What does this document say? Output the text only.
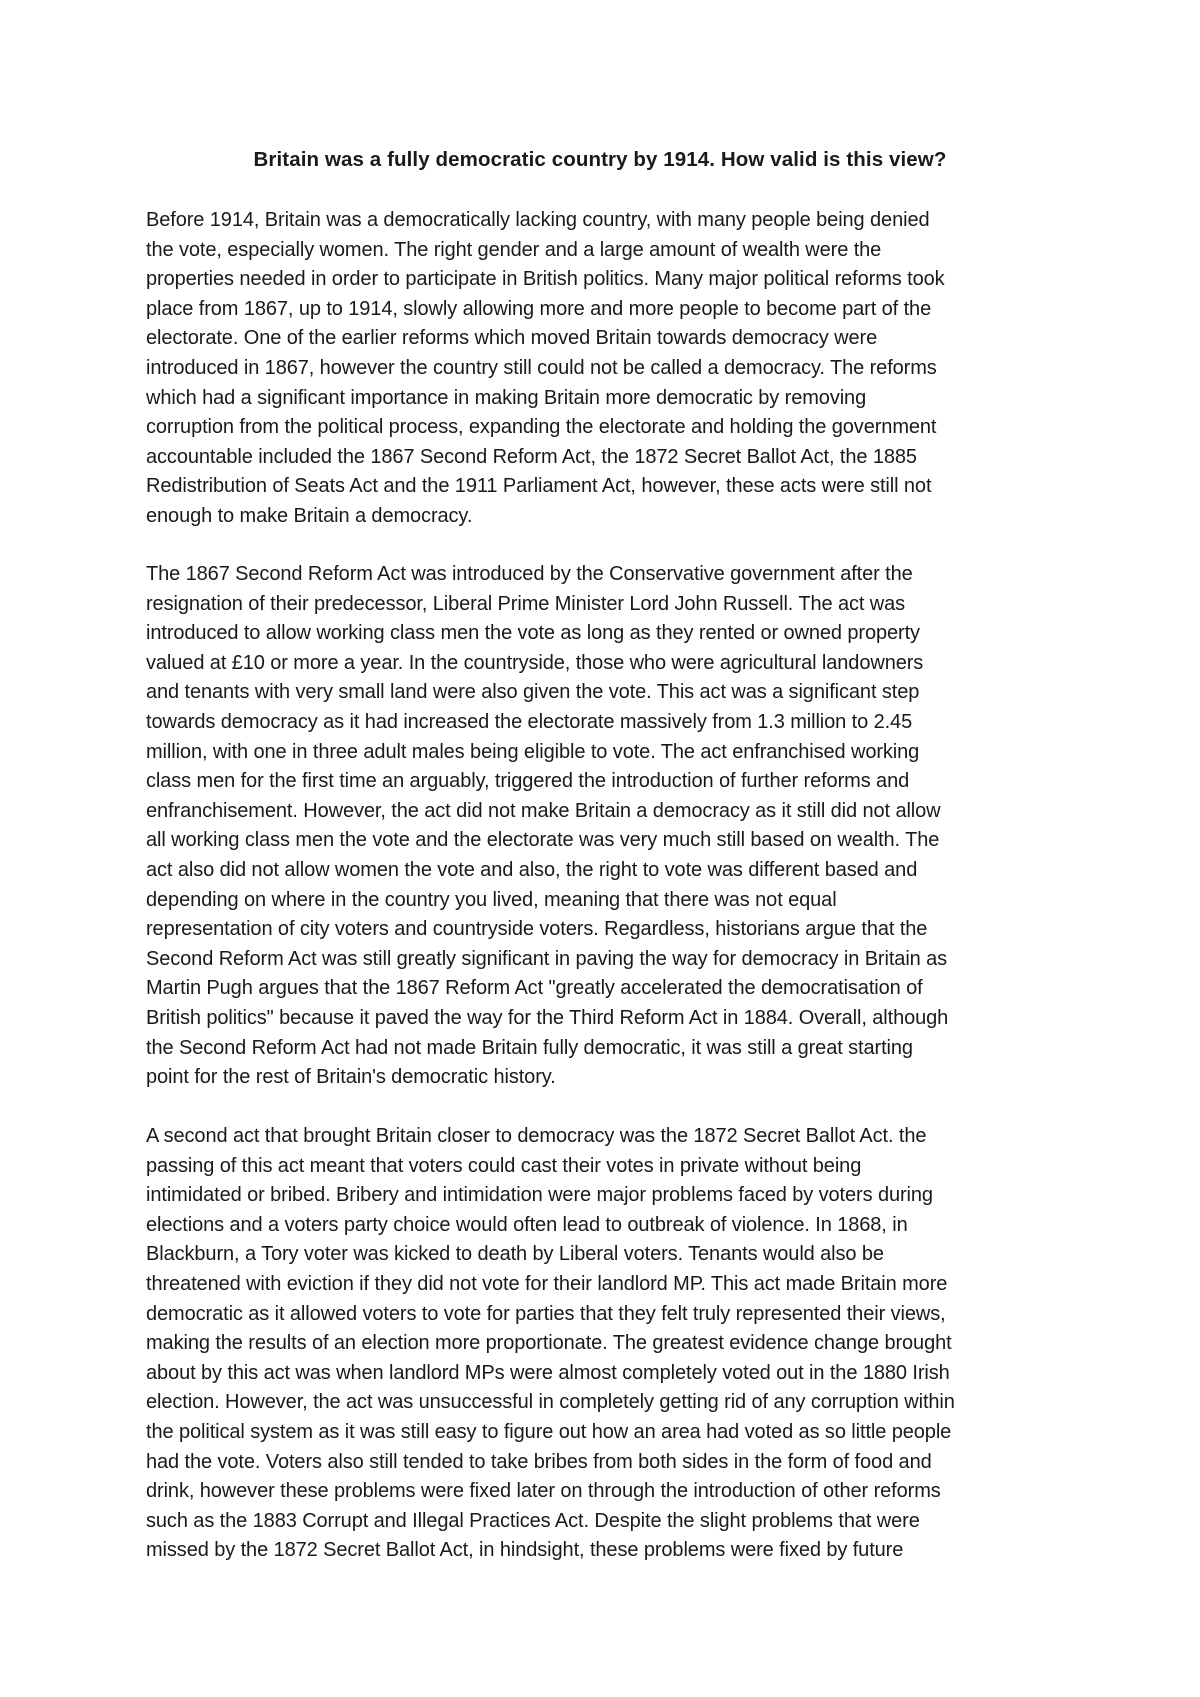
Britain was a fully democratic country by 1914. How valid is this view?

Before 1914, Britain was a democratically lacking country, with many people being denied
the vote, especially women. The right gender and a large amount of wealth were the
properties needed in order to participate in British politics. Many major political reforms took
place from 1867, up to 1914, slowly allowing more and more people to become part of the
electorate. One of the earlier reforms which moved Britain towards democracy were
introduced in 1867, however the country still could not be called a democracy. The reforms
which had a significant importance in making Britain more democratic by removing
corruption from the political process, expanding the electorate and holding the government
accountable included the 1867 Second Reform Act, the 1872 Secret Ballot Act, the 1885
Redistribution of Seats Act and the 1911 Parliament Act, however, these acts were still not
enough to make Britain a democracy.

The 1867 Second Reform Act was introduced by the Conservative government after the
resignation of their predecessor, Liberal Prime Minister Lord John Russell. The act was
introduced to allow working class men the vote as long as they rented or owned property
valued at £10 or more a year. In the countryside, those who were agricultural landowners
and tenants with very small land were also given the vote. This act was a significant step
towards democracy as it had increased the electorate massively from 1.3 million to 2.45
million, with one in three adult males being eligible to vote. The act enfranchised working
class men for the first time an arguably, triggered the introduction of further reforms and
enfranchisement. However, the act did not make Britain a democracy as it still did not allow
all working class men the vote and the electorate was very much still based on wealth. The
act also did not allow women the vote and also, the right to vote was different based and
depending on where in the country you lived, meaning that there was not equal
representation of city voters and countryside voters. Regardless, historians argue that the
Second Reform Act was still greatly significant in paving the way for democracy in Britain as
Martin Pugh argues that the 1867 Reform Act "greatly accelerated the democratisation of
British politics" because it paved the way for the Third Reform Act in 1884. Overall, although
the Second Reform Act had not made Britain fully democratic, it was still a great starting
point for the rest of Britain's democratic history.

A second act that brought Britain closer to democracy was the 1872 Secret Ballot Act. the
passing of this act meant that voters could cast their votes in private without being
intimidated or bribed. Bribery and intimidation were major problems faced by voters during
elections and a voters party choice would often lead to outbreak of violence. In 1868, in
Blackburn, a Tory voter was kicked to death by Liberal voters. Tenants would also be
threatened with eviction if they did not vote for their landlord MP. This act made Britain more
democratic as it allowed voters to vote for parties that they felt truly represented their views,
making the results of an election more proportionate. The greatest evidence change brought
about by this act was when landlord MPs were almost completely voted out in the 1880 Irish
election. However, the act was unsuccessful in completely getting rid of any corruption within
the political system as it was still easy to figure out how an area had voted as so little people
had the vote. Voters also still tended to take bribes from both sides in the form of food and
drink, however these problems were fixed later on through the introduction of other reforms
such as the 1883 Corrupt and Illegal Practices Act. Despite the slight problems that were
missed by the 1872 Secret Ballot Act, in hindsight, these problems were fixed by future
